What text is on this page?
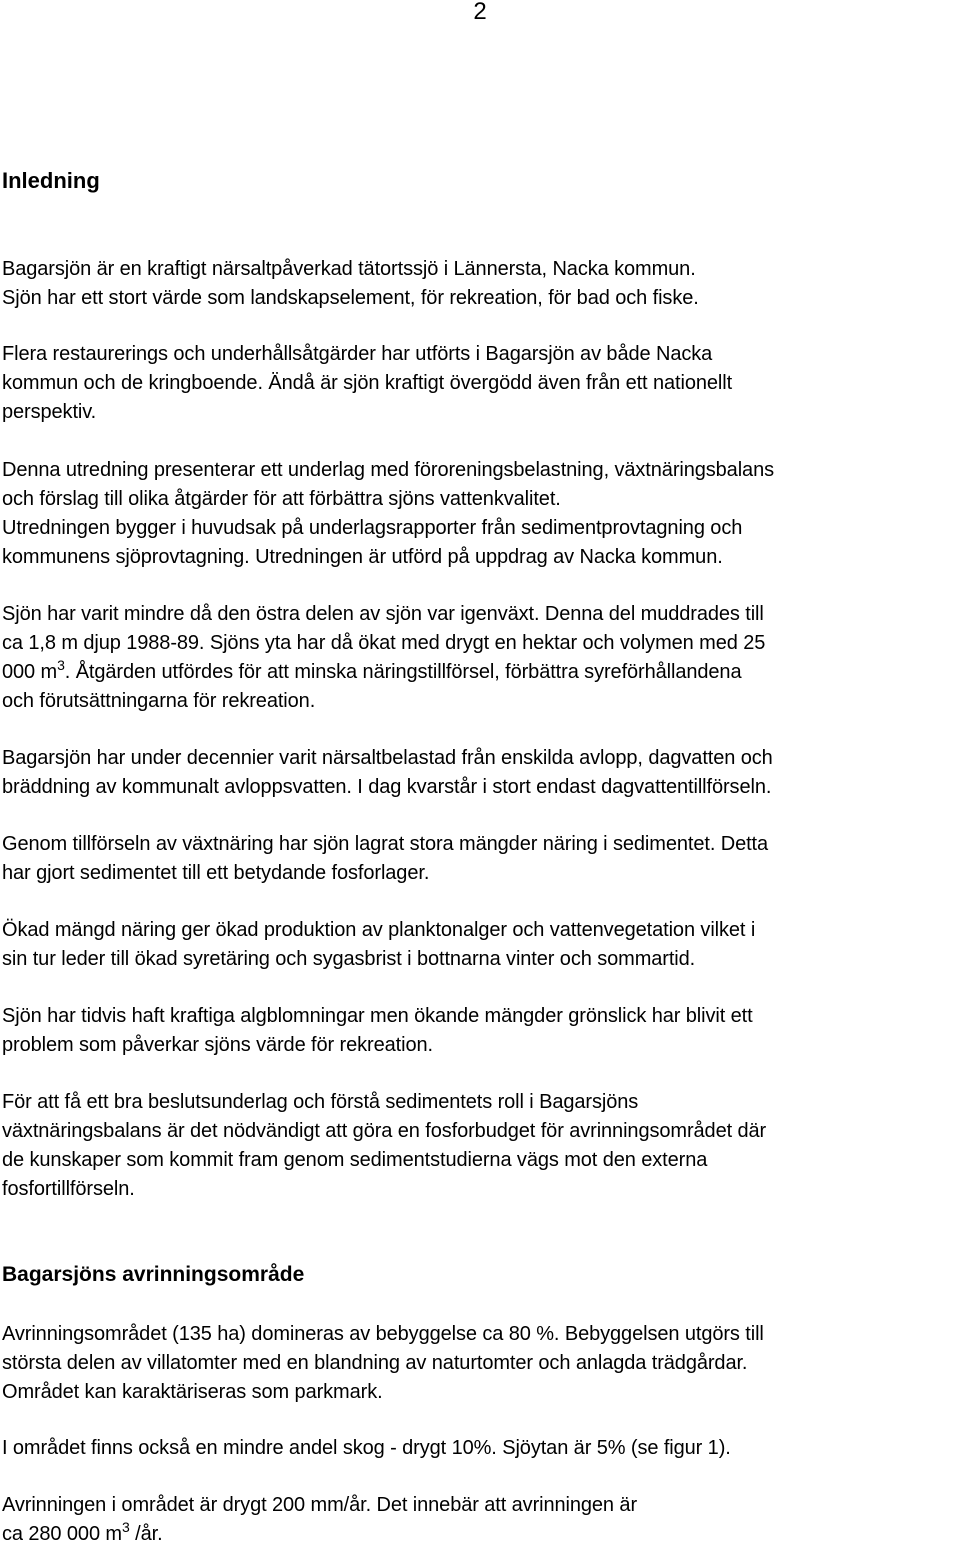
2
Inledning

Bagarsjön är en kraftigt närsaltpåverkad tätortssjö i Lännersta, Nacka kommun.
Sjön har ett stort värde som landskapselement, för rekreation, för bad och fiske.

Flera restaurerings och underhållsåtgärder har utförts i Bagarsjön av både Nacka
kommun och de kringboende. Ändå är sjön kraftigt övergödd även från ett nationellt
perspektiv.

Denna utredning presenterar ett underlag med föroreningsbelastning, växtnäringsbalans
och förslag till olika åtgärder för att förbättra sjöns vattenkvalitet.
Utredningen bygger i huvudsak på underlagsrapporter från sedimentprovtagning och
kommunens sjöprovtagning. Utredningen är utförd på uppdrag av Nacka kommun.

Sjön har varit mindre då den östra delen av sjön var igenväxt. Denna del muddrades till
ca 1,8 m djup 1988-89. Sjöns yta har då ökat med drygt en hektar och volymen med 25
000 $m^3$. Åtgärden utfördes för att minska näringstillförsel, förbättra syreförhållandena
och förutsättningarna för rekreation.

Bagarsjön har under decennier varit närsaltbelastad från enskilda avlopp, dagvatten och
bräddning av kommunalt avloppsvatten. I dag kvarstår i stort endast dagvattentillförseln.

Genom tillförseln av växtnäring har sjön lagrat stora mängder näring i sedimentet. Detta
har gjort sedimentet till ett betydande fosforlager.

Ökad mängd näring ger ökad produktion av planktonalger och vattenvegetation vilket i
sin tur leder till ökad syretäring och sygasbrist i bottnarna vinter och sommartid.

Sjön har tidvis haft kraftiga algblomningar men ökande mängder grönslick har blivit ett
problem som påverkar sjöns värde för rekreation.

För att få ett bra beslutsunderlag och förstå sedimentets roll i Bagarsjöns
växtnäringsbalans är det nödvändigt att göra en fosforbudget för avrinningsområdet där
de kunskaper som kommit fram genom sedimentstudierna vägs mot den externa
fosfortillförseln.

Bagarsjöns avrinningsområde

Avrinningsområdet (135 ha) domineras av bebyggelse ca 80 %. Bebyggelsen utgörs till
största delen av villatomter med en blandning av naturtomter och anlagda trädgårdar.
Området kan karaktäriseras som parkmark.

I området finns också en mindre andel skog - drygt 10%. Sjöytan är 5% (se figur 1).

Avrinningen i området är drygt 200 mm/år. Det innebär att avrinningen är
ca 280 000 $m^3$ /år.
